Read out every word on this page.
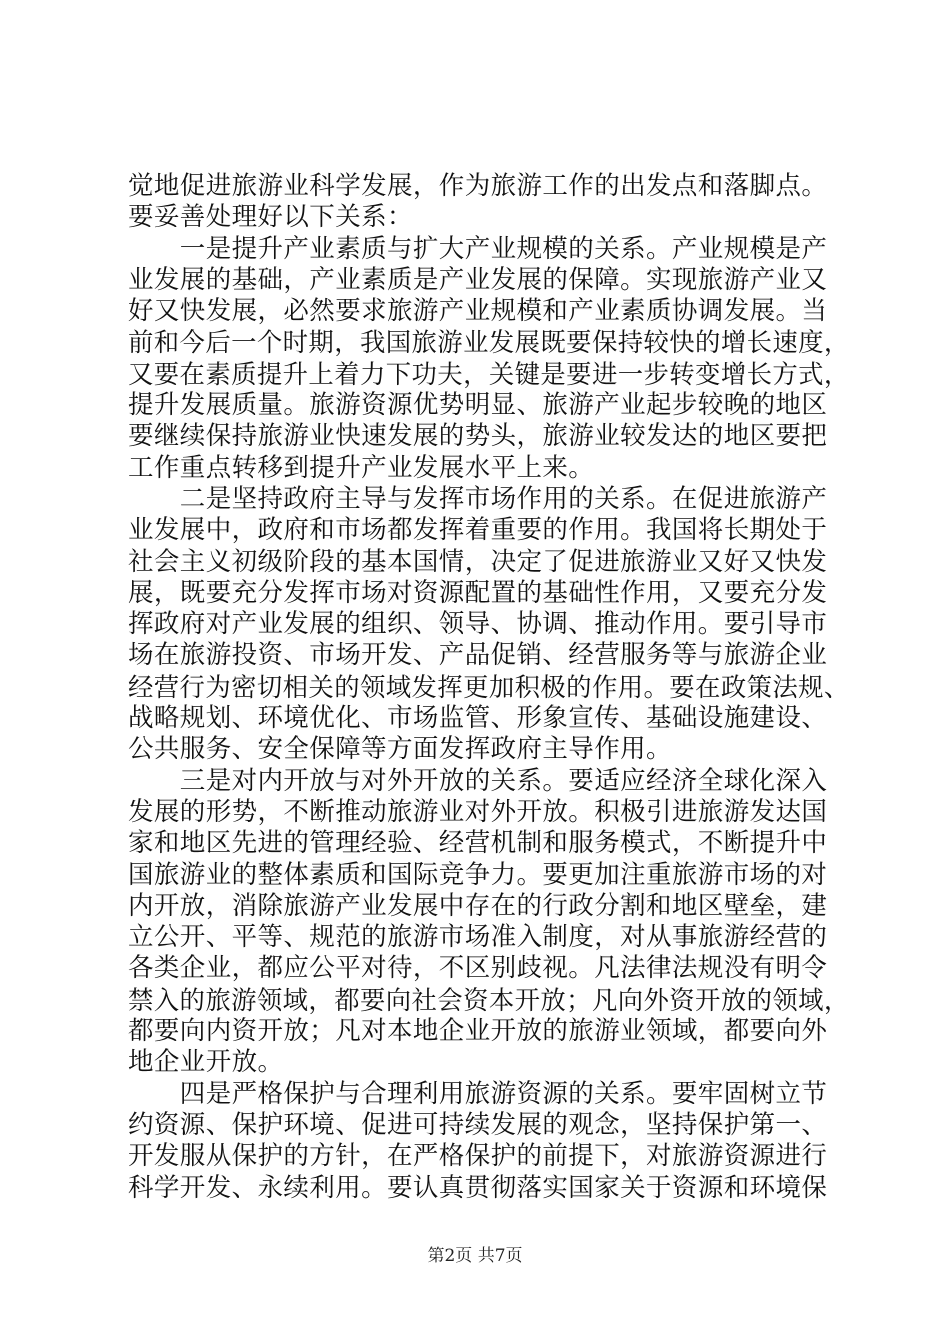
觉地促进旅游业科学发展，作为旅游工作的出发点和落脚点。
要妥善处理好以下关系：
　　一是提升产业素质与扩大产业规模的关系。产业规模是产
业发展的基础，产业素质是产业发展的保障。实现旅游产业又
好又快发展，必然要求旅游产业规模和产业素质协调发展。当
前和今后一个时期，我国旅游业发展既要保持较快的增长速度，
又要在素质提升上着力下功夫，关键是要进一步转变增长方式，
提升发展质量。旅游资源优势明显、旅游产业起步较晚的地区
要继续保持旅游业快速发展的势头，旅游业较发达的地区要把
工作重点转移到提升产业发展水平上来。
　　二是坚持政府主导与发挥市场作用的关系。在促进旅游产
业发展中，政府和市场都发挥着重要的作用。我国将长期处于
社会主义初级阶段的基本国情，决定了促进旅游业又好又快发
展，既要充分发挥市场对资源配置的基础性作用，又要充分发
挥政府对产业发展的组织、领导、协调、推动作用。要引导市
场在旅游投资、市场开发、产品促销、经营服务等与旅游企业
经营行为密切相关的领域发挥更加积极的作用。要在政策法规、
战略规划、环境优化、市场监管、形象宣传、基础设施建设、
公共服务、安全保障等方面发挥政府主导作用。
　　三是对内开放与对外开放的关系。要适应经济全球化深入
发展的形势，不断推动旅游业对外开放。积极引进旅游发达国
家和地区先进的管理经验、经营机制和服务模式，不断提升中
国旅游业的整体素质和国际竞争力。要更加注重旅游市场的对
内开放，消除旅游产业发展中存在的行政分割和地区壁垒，建
立公开、平等、规范的旅游市场准入制度，对从事旅游经营的
各类企业，都应公平对待，不区别歧视。凡法律法规没有明令
禁入的旅游领域，都要向社会资本开放；凡向外资开放的领域，
都要向内资开放；凡对本地企业开放的旅游业领域，都要向外
地企业开放。
　　四是严格保护与合理利用旅游资源的关系。要牢固树立节
约资源、保护环境、促进可持续发展的观念，坚持保护第一、
开发服从保护的方针，在严格保护的前提下，对旅游资源进行
科学开发、永续利用。要认真贯彻落实国家关于资源和环境保
第2页 共7页
